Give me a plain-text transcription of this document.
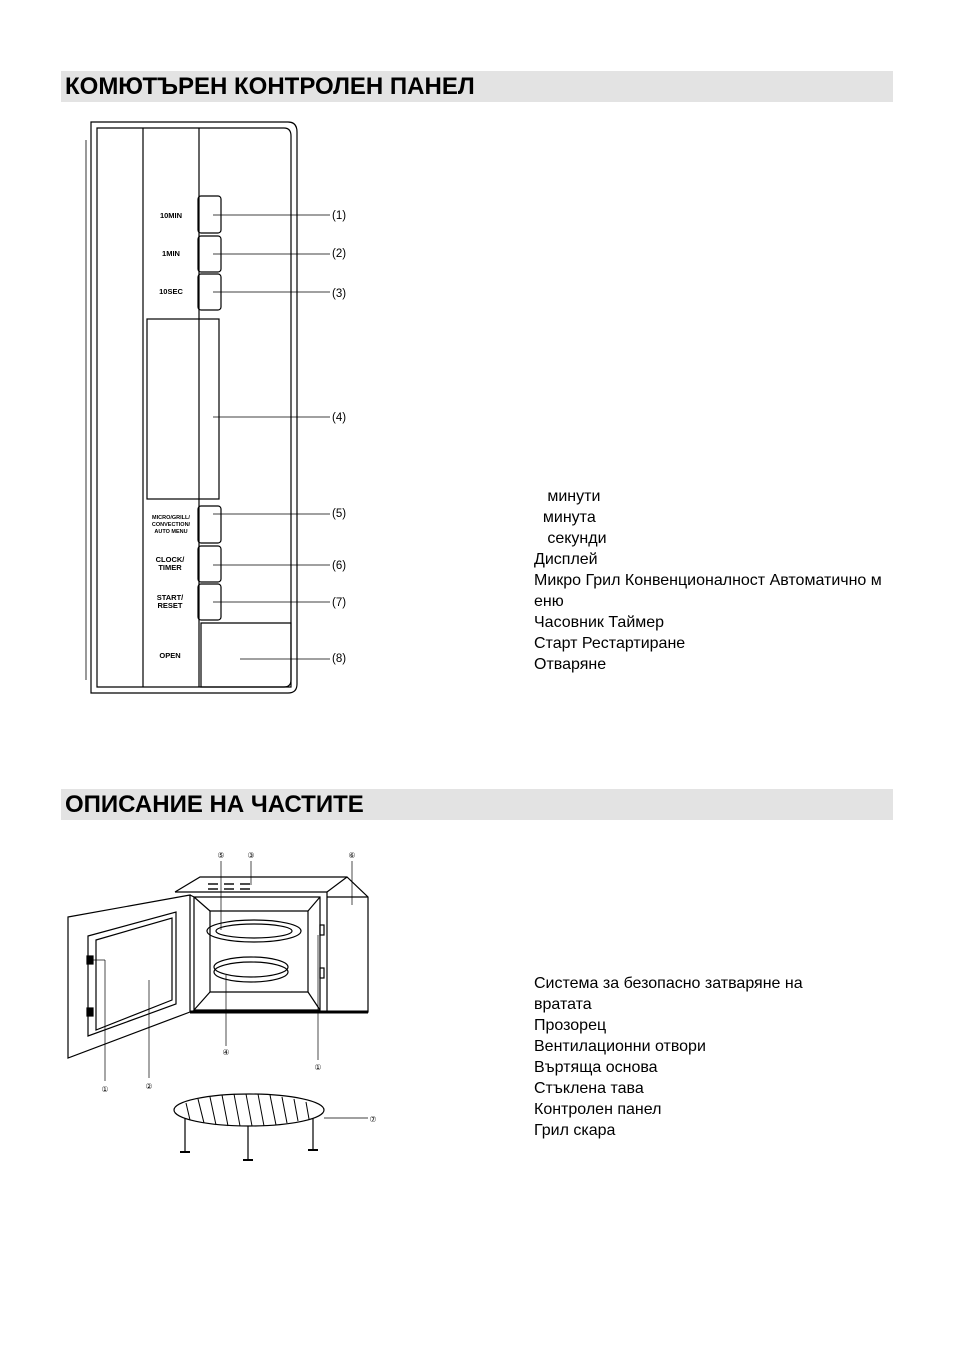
КОМЮТЪРЕН КОНТРОЛЕН ПАНЕЛ
10MIN
1MIN
10SEC
MICRO/GRILL/
CONVECTION/
AUTO MENU
CLOCK/
TIMER
START/
RESET
OPEN
(1)
(2)
(3)
(4)
(5)
(6)
(7)
(8)
⑤	③	⑥
④
①
①	②
⑦
минути
минута
секунди
Дисплей
Микро Грил Конвенционалност Автоматично меню
Часовник Таймер
Старт Рестартиране
Отваряне
ОПИСАНИЕ НА ЧАСТИТЕ
Система за безопасно затваряне на вратата
Прозорец
Вентилационни отвори
Въртяща основа
Стъклена тава
Контролен панел
Грил скара
